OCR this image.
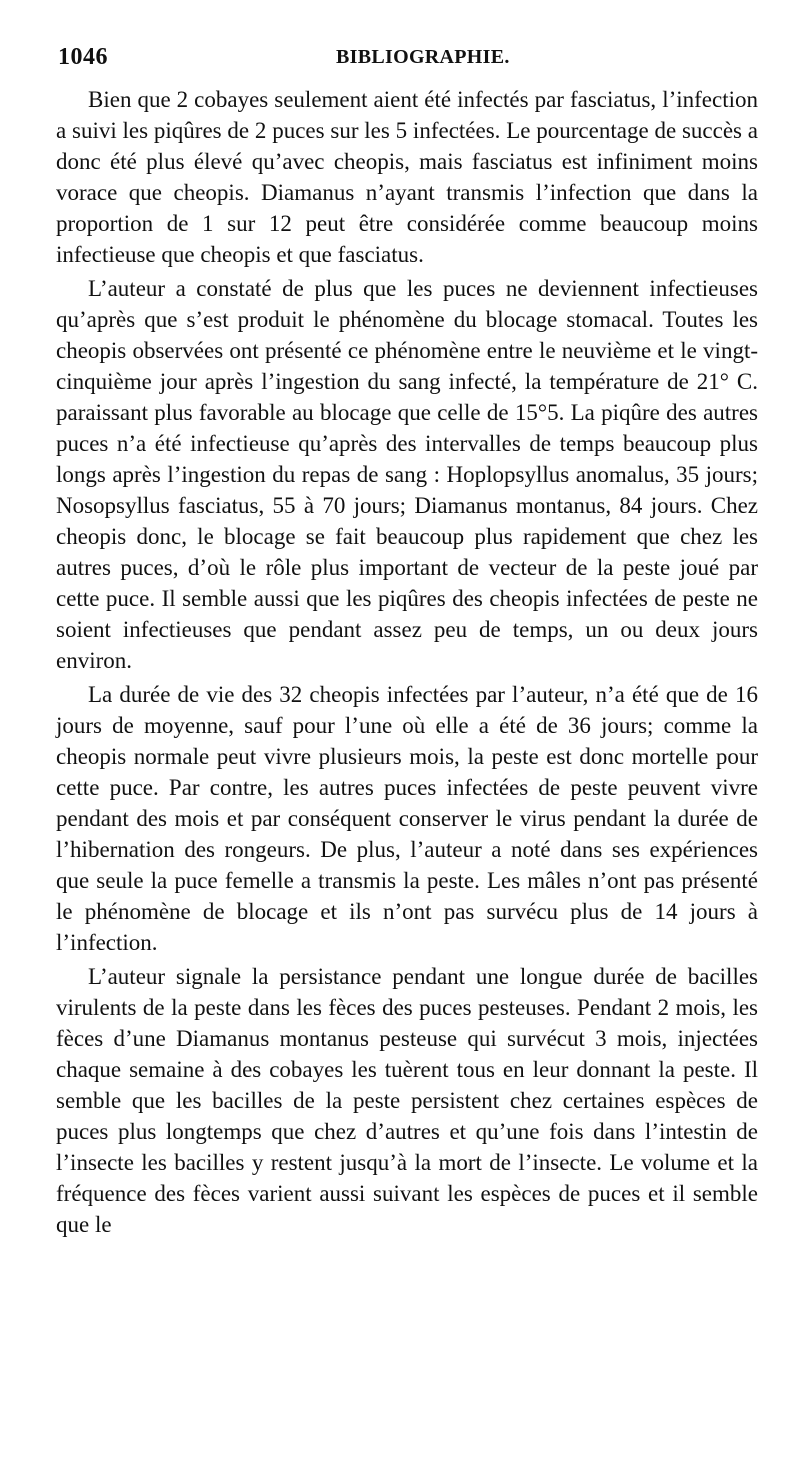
1046	BIBLIOGRAPHIE.

Bien que 2 cobayes seulement aient été infectés par fasciatus, l’infection a suivi les piqûres de 2 puces sur les 5 infectées. Le pourcentage de succès a donc été plus élevé qu’avec cheopis, mais fasciatus est infiniment moins vorace que cheopis. Diamanus n’ayant transmis l’infection que dans la proportion de 1 sur 12 peut être considérée comme beaucoup moins infectieuse que cheopis et que fasciatus.

L’auteur a constaté de plus que les puces ne deviennent infectieuses qu’après que s’est produit le phénomène du blocage stomacal. Toutes les cheopis observées ont présenté ce phénomène entre le neuvième et le vingt-cinquième jour après l’ingestion du sang infecté, la température de 21° C. paraissant plus favorable au blocage que celle de 15°5. La piqûre des autres puces n’a été infectieuse qu’après des intervalles de temps beaucoup plus longs après l’ingestion du repas de sang : Hoplopsyllus anomalus, 35 jours; Nosopsyllus fasciatus, 55 à 70 jours; Diamanus montanus, 84 jours. Chez cheopis donc, le blocage se fait beaucoup plus rapidement que chez les autres puces, d’où le rôle plus important de vecteur de la peste joué par cette puce. Il semble aussi que les piqûres des cheopis infectées de peste ne soient infectieuses que pendant assez peu de temps, un ou deux jours environ.

La durée de vie des 32 cheopis infectées par l’auteur, n’a été que de 16 jours de moyenne, sauf pour l’une où elle a été de 36 jours; comme la cheopis normale peut vivre plusieurs mois, la peste est donc mortelle pour cette puce. Par contre, les autres puces infectées de peste peuvent vivre pendant des mois et par conséquent conserver le virus pendant la durée de l’hibernation des rongeurs. De plus, l’auteur a noté dans ses expériences que seule la puce femelle a transmis la peste. Les mâles n’ont pas présenté le phénomène de blocage et ils n’ont pas survécu plus de 14 jours à l’infection.

L’auteur signale la persistance pendant une longue durée de bacilles virulents de la peste dans les fèces des puces pesteuses. Pendant 2 mois, les fèces d’une Diamanus montanus pesteuse qui survécut 3 mois, injectées chaque semaine à des cobayes les tuèrent tous en leur donnant la peste. Il semble que les bacilles de la peste persistent chez certaines espèces de puces plus longtemps que chez d’autres et qu’une fois dans l’intestin de l’insecte les bacilles y restent jusqu’à la mort de l’insecte. Le volume et la fréquence des fèces varient aussi suivant les espèces de puces et il semble que le
